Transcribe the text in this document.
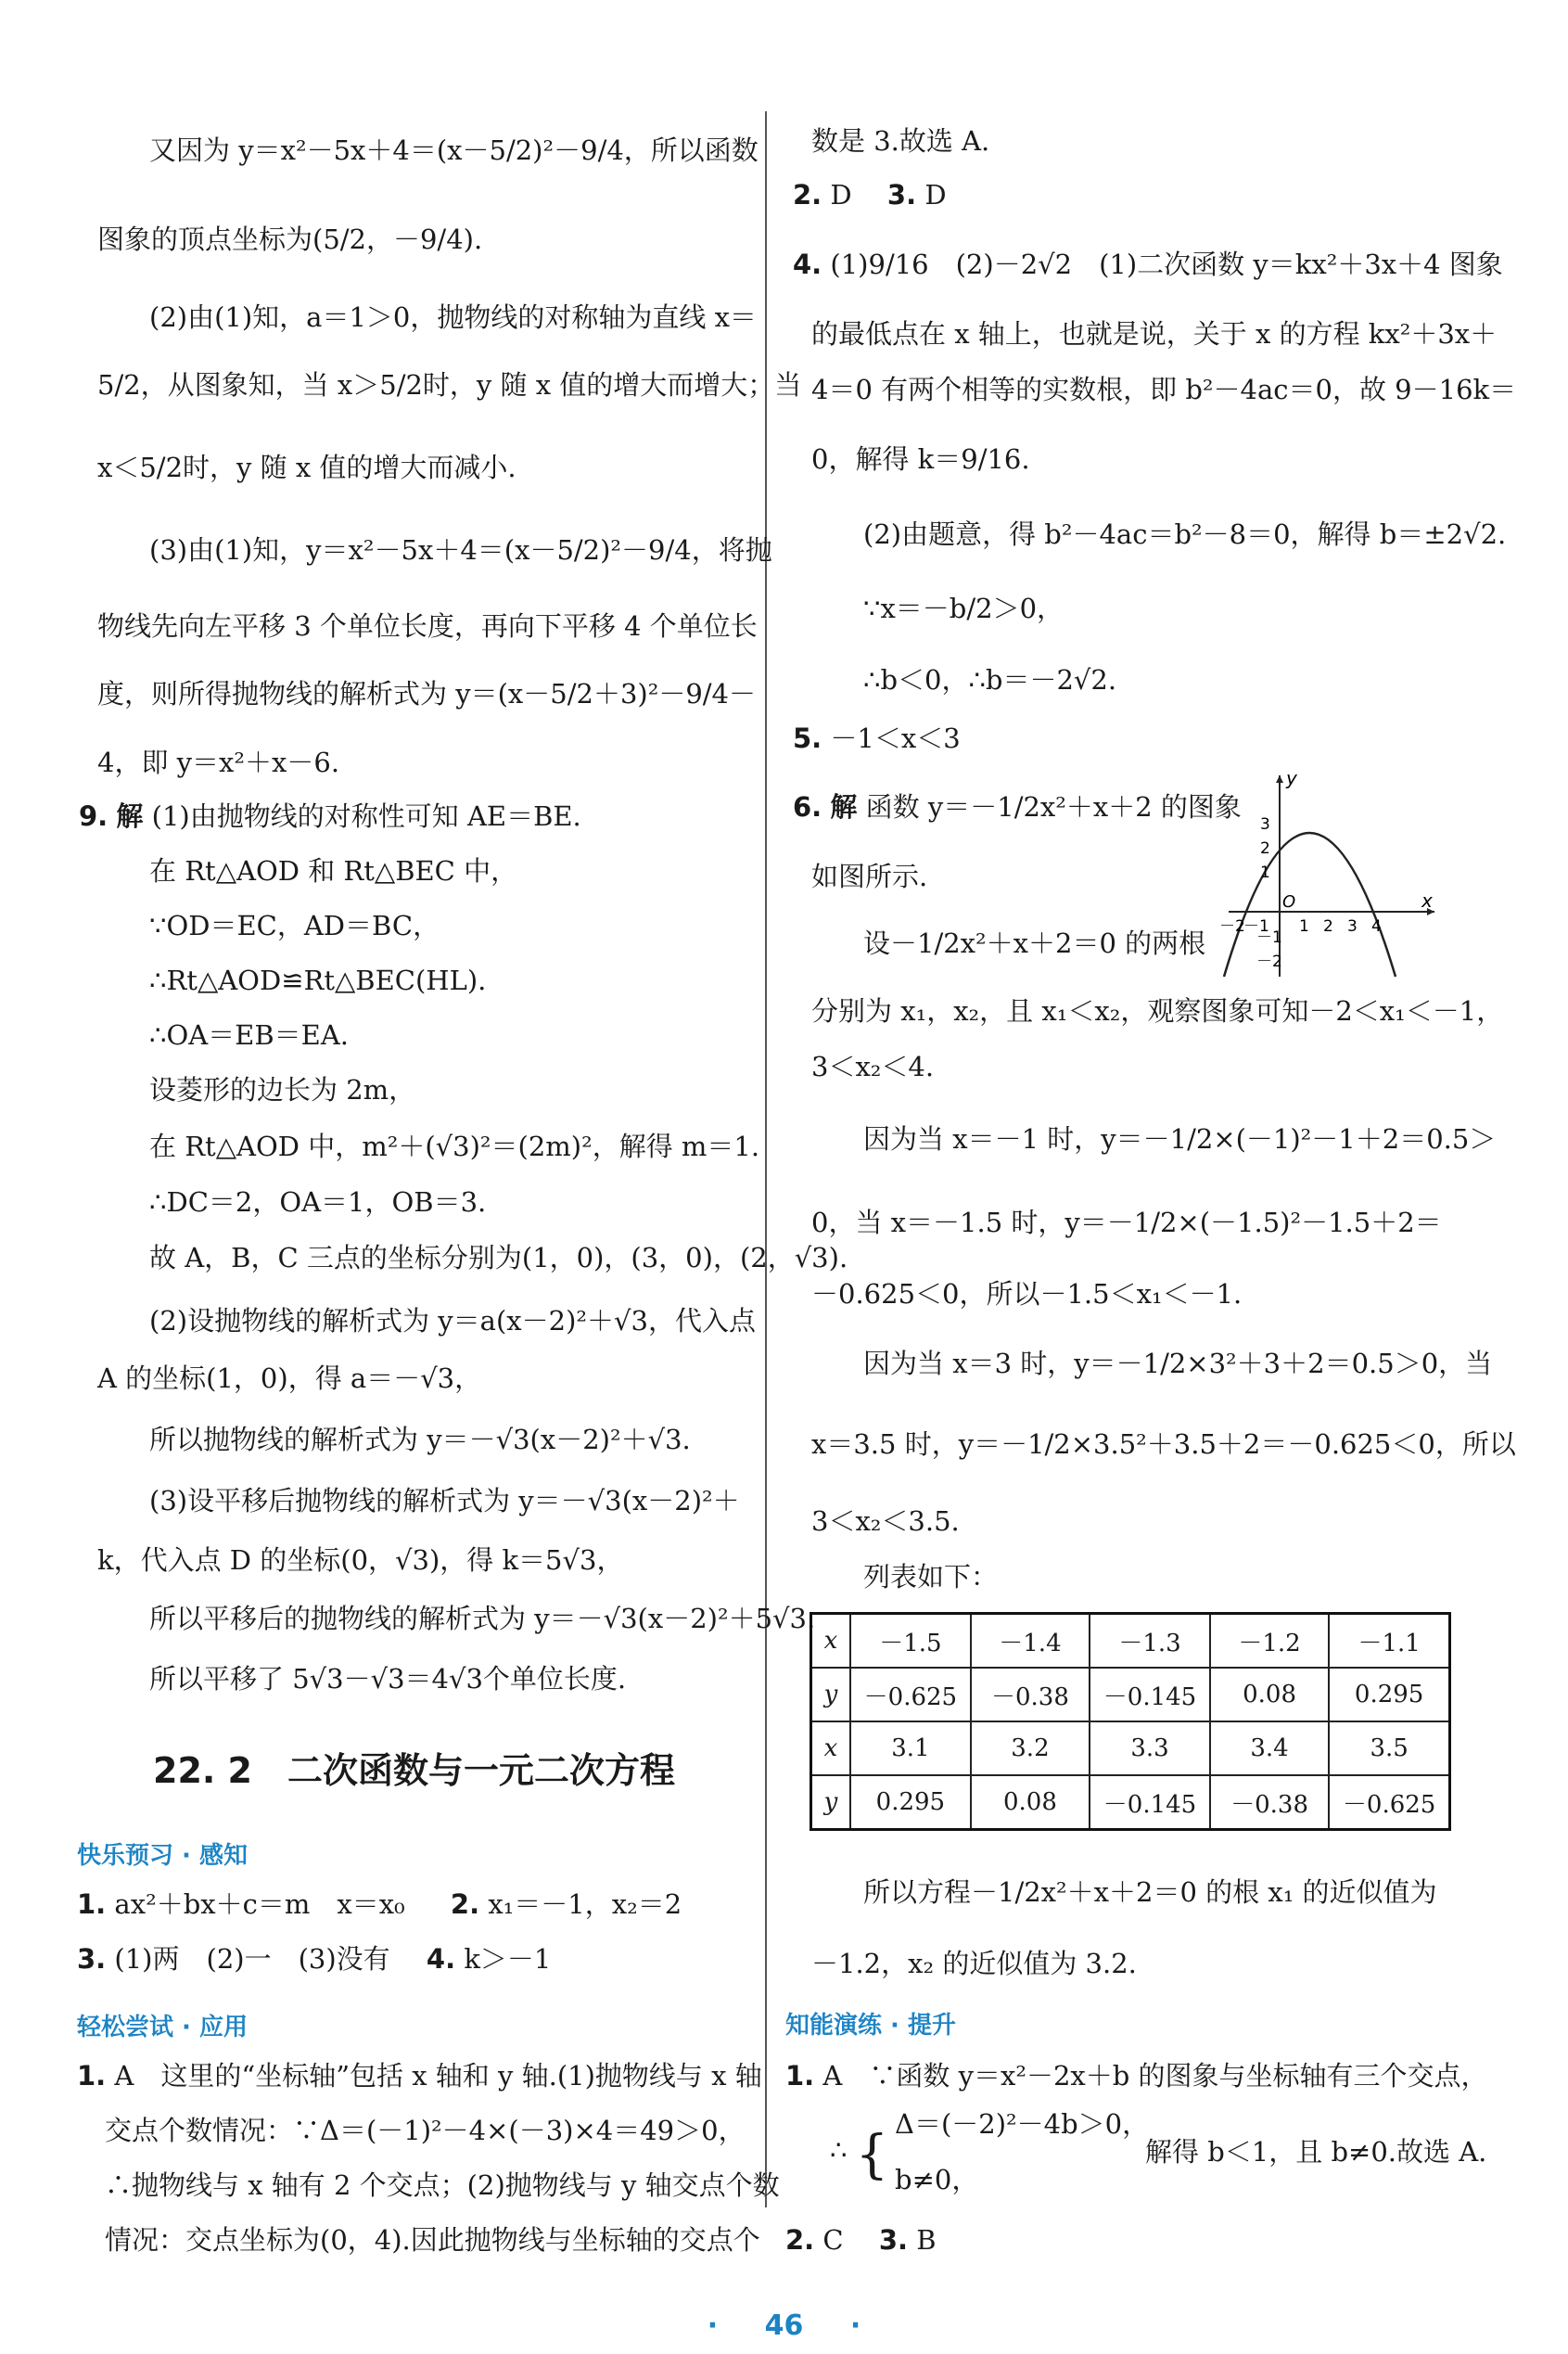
又因为 y＝x²－5x＋4＝(x－5/2)²－9/4，所以函数
图象的顶点坐标为(5/2，－9/4).
(2)由(1)知，a＝1＞0，抛物线的对称轴为直线 x＝
5/2，从图象知，当 x＞5/2时，y 随 x 值的增大而增大；当
x＜5/2时，y 随 x 值的增大而减小.
(3)由(1)知，y＝x²－5x＋4＝(x－5/2)²－9/4，将抛
物线先向左平移 3 个单位长度，再向下平移 4 个单位长
度，则所得抛物线的解析式为 y＝(x－5/2＋3)²－9/4－
4，即 y＝x²＋x－6.
9. 解 (1)由抛物线的对称性可知 AE＝BE.
在 Rt△AOD 和 Rt△BEC 中，
∵OD＝EC，AD＝BC，
∴Rt△AOD≌Rt△BEC(HL).
∴OA＝EB＝EA.
设菱形的边长为 2m，
在 Rt△AOD 中，m²＋(√3)²＝(2m)²，解得 m＝1.
∴DC＝2，OA＝1，OB＝3.
故 A，B，C 三点的坐标分别为(1，0)，(3，0)，(2，√3).
(2)设抛物线的解析式为 y＝a(x－2)²＋√3，代入点
A 的坐标(1，0)，得 a＝－√3，
所以抛物线的解析式为 y＝－√3(x－2)²＋√3.
(3)设平移后抛物线的解析式为 y＝－√3(x－2)²＋
k，代入点 D 的坐标(0，√3)，得 k＝5√3，
所以平移后的抛物线的解析式为 y＝－√3(x－2)²＋5√3.
所以平移了 5√3－√3＝4√3个单位长度.
22. 2　二次函数与一元二次方程
快乐预习 · 感知
1. ax²＋bx＋c＝m　x＝x₀ 2. x₁＝－1，x₂＝2
3. (1)两　(2)一　(3)没有 4. k＞－1
轻松尝试 · 应用
1. A　这里的“坐标轴”包括 x 轴和 y 轴.(1)抛物线与 x 轴
交点个数情况：∵Δ＝(－1)²－4×(－3)×4＝49＞0，
∴抛物线与 x 轴有 2 个交点；(2)抛物线与 y 轴交点个数
情况：交点坐标为(0，4).因此抛物线与坐标轴的交点个
数是 3.故选 A.
2. D　 3. D
4. (1)9/16　(2)－2√2　(1)二次函数 y＝kx²＋3x＋4 图象
的最低点在 x 轴上，也就是说，关于 x 的方程 kx²＋3x＋
4＝0 有两个相等的实数根，即 b²－4ac＝0，故 9－16k＝
0，解得 k＝9/16.
(2)由题意，得 b²－4ac＝b²－8＝0，解得 b＝±2√2.
∵x＝－b/2＞0，
∴b＜0，∴b＝－2√2.
5. －1＜x＜3
6. 解 函数 y＝－1/2x²＋x＋2 的图象
如图所示.
设－1/2x²＋x＋2＝0 的两根
y
x
O
3
2
1
－1
－2
－2
－1 1 2 3 4
分别为 x₁，x₂，且 x₁＜x₂，观察图象可知－2＜x₁＜－1，
3＜x₂＜4.
因为当 x＝－1 时，y＝－1/2×(－1)²－1＋2＝0.5＞
0，当 x＝－1.5 时，y＝－1/2×(－1.5)²－1.5＋2＝
－0.625＜0，所以－1.5＜x₁＜－1.
因为当 x＝3 时，y＝－1/2×3²＋3＋2＝0.5＞0，当
x＝3.5 时，y＝－1/2×3.5²＋3.5＋2＝－0.625＜0，所以
3＜x₂＜3.5.
列表如下：
x	－1.5	－1.4	－1.3	－1.2	－1.1
y	－0.625	－0.38	－0.145	0.08	0.295
x	3.1	3.2	3.3	3.4	3.5
y	0.295	0.08	－0.145	－0.38	－0.625
所以方程－1/2x²＋x＋2＝0 的根 x₁ 的近似值为
－1.2，x₂ 的近似值为 3.2.
知能演练 · 提升
1. A　∵函数 y＝x²－2x＋b 的图象与坐标轴有三个交点，
∴ {
Δ＝(－2)²－4b＞0，
b≠0，
解得 b＜1，且 b≠0.故选 A.
2. C　 3. B
· 46 ·
